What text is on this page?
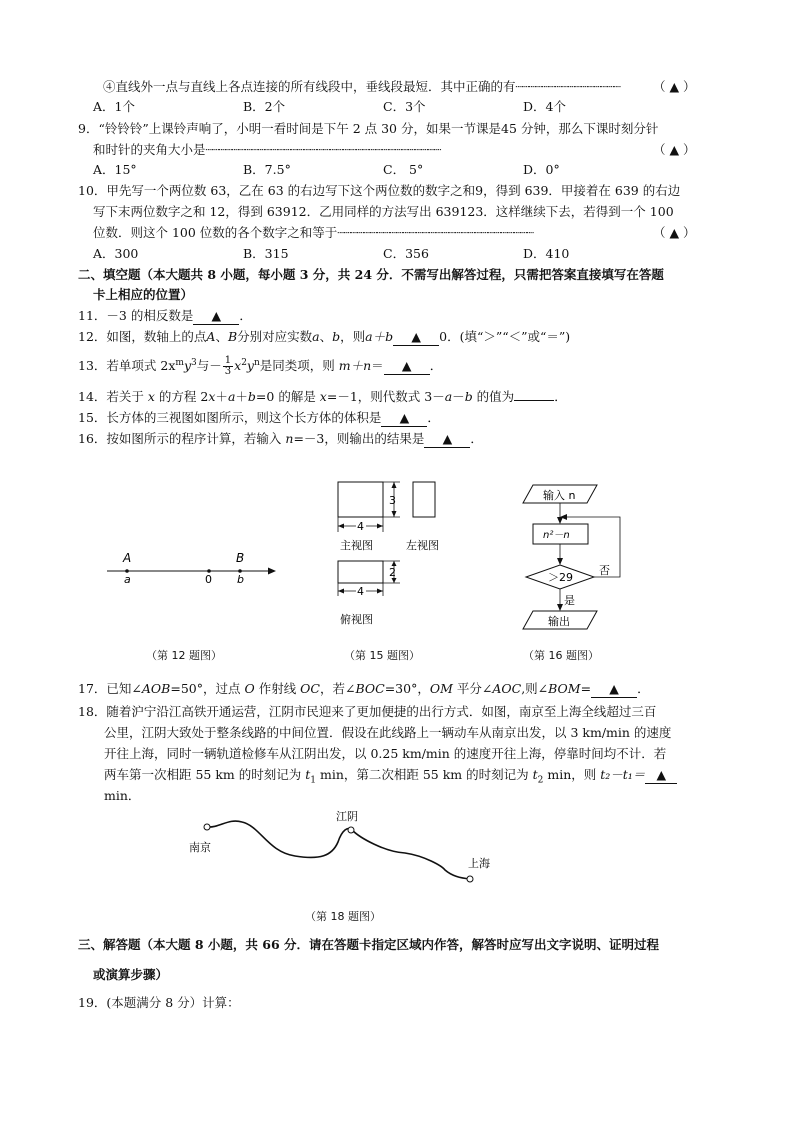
④直线外一点与直线上各点连接的所有线段中，垂线段最短．其中正确的有┈┈┈┈┈┈┈┈┈┈┈┈┈┈┈┈	（ ▲ ）
A．1个	B．2个	C．3个	D．4个
9．“铃铃铃”上课铃声响了，小明一看时间是下午 2 点 30 分，如果一节课是45 分钟，那么下课时刻分针
和时针的夹角大小是┈┈┈┈┈┈┈┈┈┈┈┈┈┈┈┈┈┈┈┈┈┈┈┈┈┈┈┈┈┈┈┈┈┈┈┈	（ ▲ ）
A．15°	B．7.5°	C． 5°	D．0°
10．甲先写一个两位数 63，乙在 63 的右边写下这个两位数的数字之和9，得到 639．甲接着在 639 的右边
写下末两位数字之和 12，得到 63912．乙用同样的方法写出 639123．这样继续下去，若得到一个 100
位数．则这个 100 位数的各个数字之和等于┈┈┈┈┈┈┈┈┈┈┈┈┈┈┈┈┈┈┈┈┈┈┈┈┈┈┈┈┈┈	（ ▲ ）
A．300	B．315	C．356	D．410
二、填空题（本大题共 8 小题，每小题 3 分，共 24 分．不需写出解答过程，只需把答案直接填写在答题
卡上相应的位置）
11．－3 的相反数是 ▲ ．
12．如图，数轴上的点A、B分别对应实数a、b，则a＋b ▲ 0．(填“＞”“＜”或“＝”)
13．若单项式 $2x^my^3$与－ $\frac{1}{3} x^2y^n$是同类项，则 m＋n＝ ▲ ．
14．若关于 x 的方程 2x＋a＋b=0 的解是 x=－1，则代数式 3－a－b 的值为	．
15．长方体的三视图如图所示，则这个长方体的体积是 ▲ ．
16．按如图所示的程序计算，若输入 n=－3，则输出的结果是 ▲ ．
A	B
a	0 b
（第 12 题图）
3
4
主视图	左视图
2
4
俯视图
（第 15 题图）
输入 n
n²－n
＞29
否
是
输出
（第 16 题图）
17．已知∠AOB=50°，过点 O 作射线 OC，若∠BOC=30°，OM 平分∠AOC,则∠BOM= ▲ ．
18．随着沪宁沿江高铁开通运营，江阴市民迎来了更加便捷的出行方式．如图，南京至上海全线超过三百
公里，江阴大致处于整条线路的中间位置．假设在此线路上一辆动车从南京出发，以 3 km/min 的速度
开往上海，同时一辆轨道检修车从江阴出发，以 0.25 km/min 的速度开往上海，停靠时间均不计．若
两车第一次相距 55 km 的时刻记为 $t_1$ min，第二次相距 55 km 的时刻记为 $t_2$ min，则 t₂－t₁＝ ▲
min．
南京
江阴
上海
（第 18 题图）
三、解答题（本大题 8 小题，共 66 分．请在答题卡指定区域内作答，解答时应写出文字说明、证明过程
或演算步骤）
19．(本题满分 8 分）计算：
